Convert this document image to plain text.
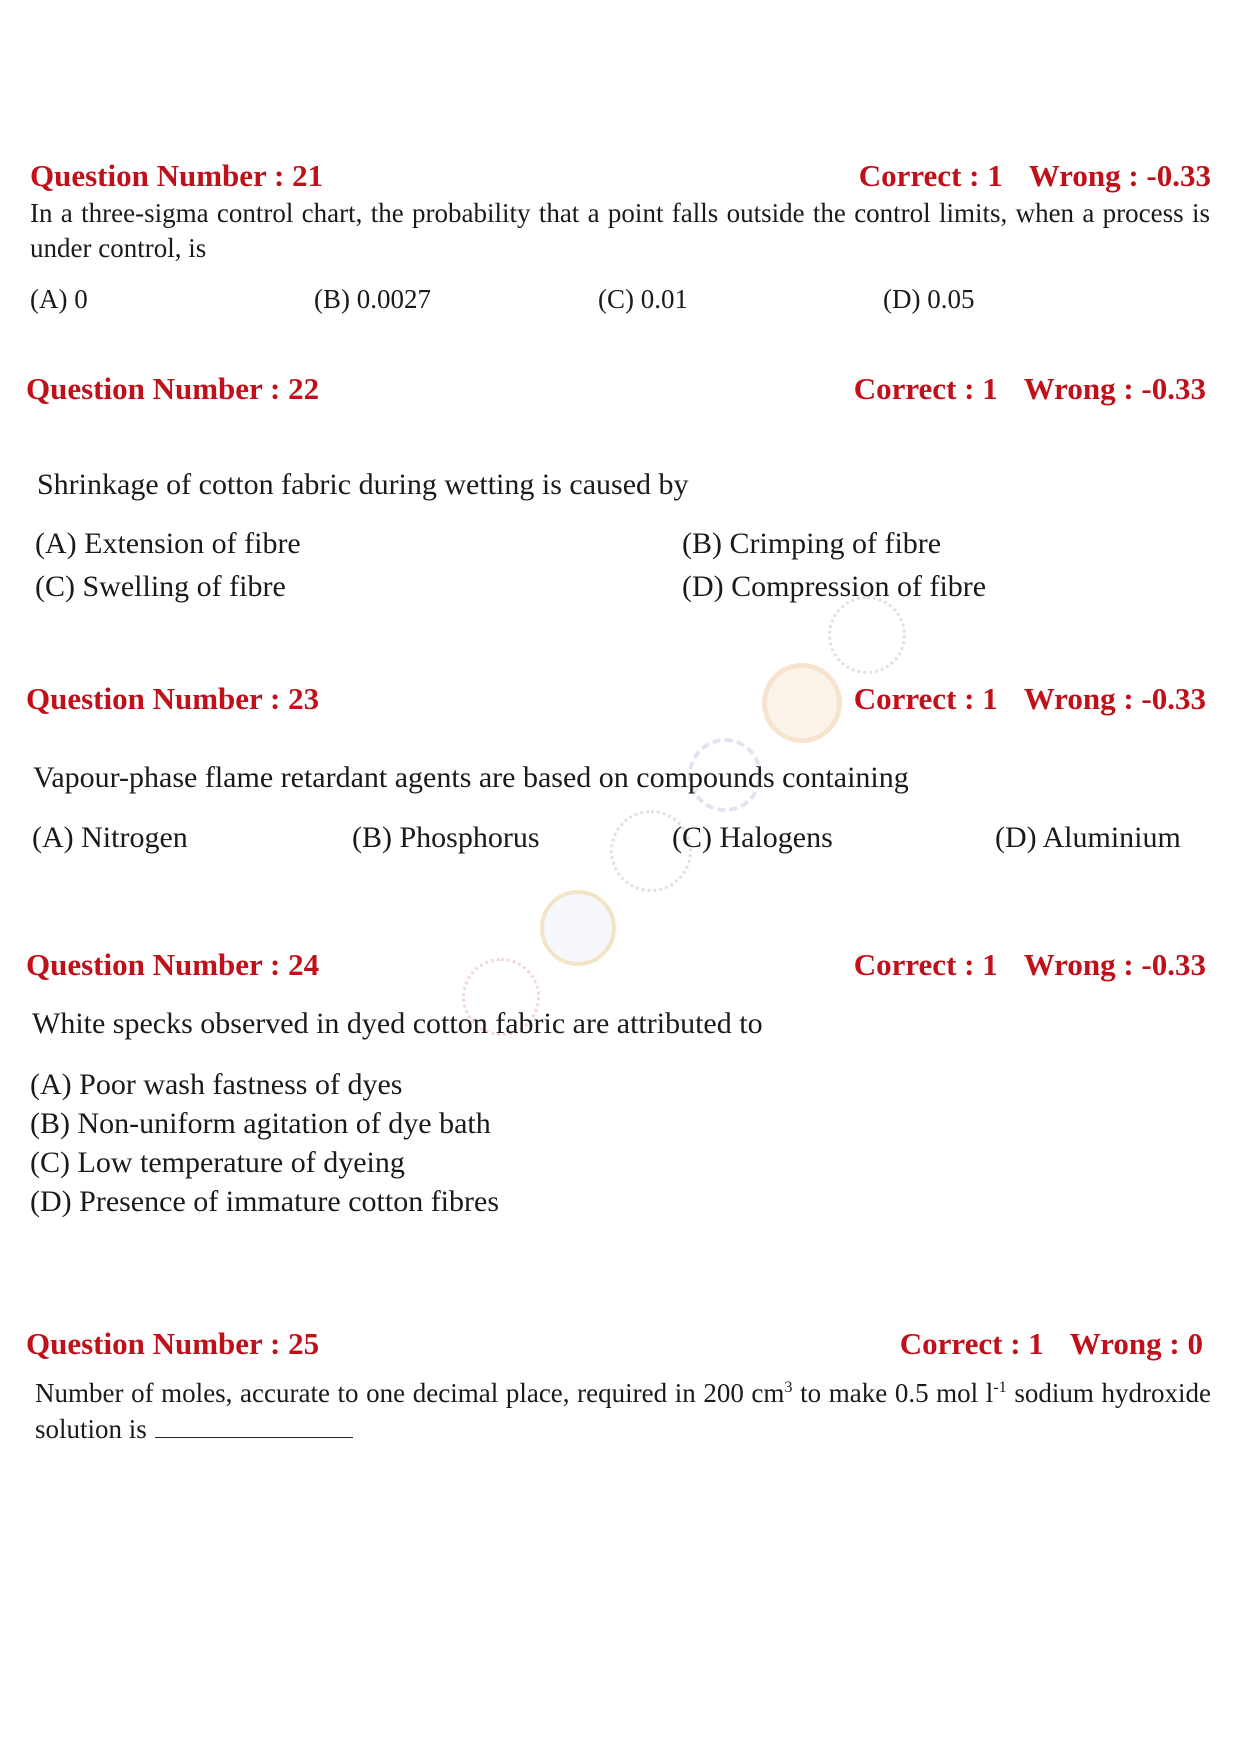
Question Number : 21	Correct : 1 Wrong : -0.33
In a three-sigma control chart, the probability that a point falls outside the control limits, when a process is under control, is
(A) 0	(B) 0.0027	(C) 0.01	(D) 0.05
Question Number : 22	Correct : 1 Wrong : -0.33
Shrinkage of cotton fabric during wetting is caused by
(A) Extension of fibre	(B) Crimping of fibre
(C) Swelling of fibre	(D) Compression of fibre
Question Number : 23	Correct : 1 Wrong : -0.33
Vapour-phase flame retardant agents are based on compounds containing
(A) Nitrogen	(B) Phosphorus	(C) Halogens	(D) Aluminium
Question Number : 24	Correct : 1 Wrong : -0.33
White specks observed in dyed cotton fabric are attributed to
(A) Poor wash fastness of dyes
(B) Non-uniform agitation of dye bath
(C) Low temperature of dyeing
(D) Presence of immature cotton fibres
Question Number : 25	Correct : 1 Wrong : 0
Number of moles, accurate to one decimal place, required in 200 $cm^3$ to make 0.5 mol $l^{-1}$ sodium hydroxide solution is
